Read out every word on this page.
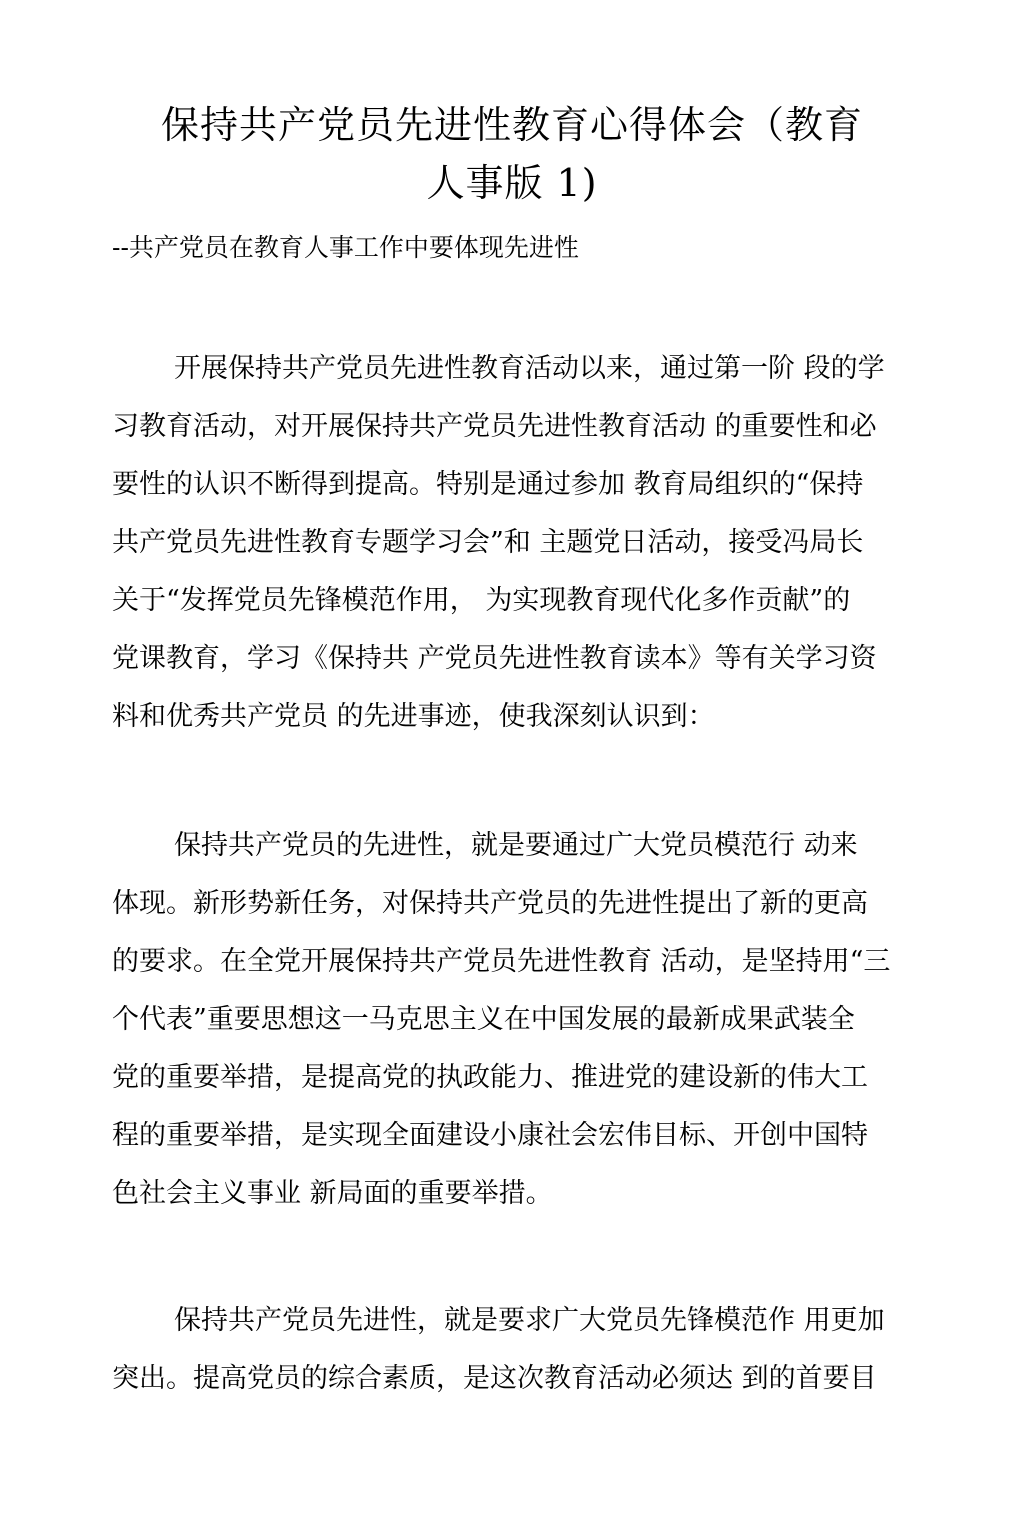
保持共产党员先进性教育心得体会（教育
人事版 1)

--共产党员在教育人事工作中要体现先进性

开展保持共产党员先进性教育活动以来，通过第一阶 段的学
习教育活动，对开展保持共产党员先进性教育活动 的重要性和必
要性的认识不断得到提高。特别是通过参加 教育局组织的“保持
共产党员先进性教育专题学习会”和 主题党日活动，接受冯局长
关于“发挥党员先锋模范作用， 为实现教育现代化多作贡献”的
党课教育，学习《保持共 产党员先进性教育读本》等有关学习资
料和优秀共产党员 的先进事迹，使我深刻认识到：
保持共产党员的先进性，就是要通过广大党员模范行 动来
体现。新形势新任务，对保持共产党员的先进性提出了新的更高
的要求。在全党开展保持共产党员先进性教育 活动，是坚持用“三
个代表”重要思想这一马克思主义在中国发展的最新成果武装全
党的重要举措，是提高党的执政能力、推进党的建设新的伟大工
程的重要举措，是实现全面建设小康社会宏伟目标、开创中国特
色社会主义事业 新局面的重要举措。
保持共产党员先进性，就是要求广大党员先锋模范作 用更加
突出。提高党员的综合素质，是这次教育活动必须达 到的首要目
